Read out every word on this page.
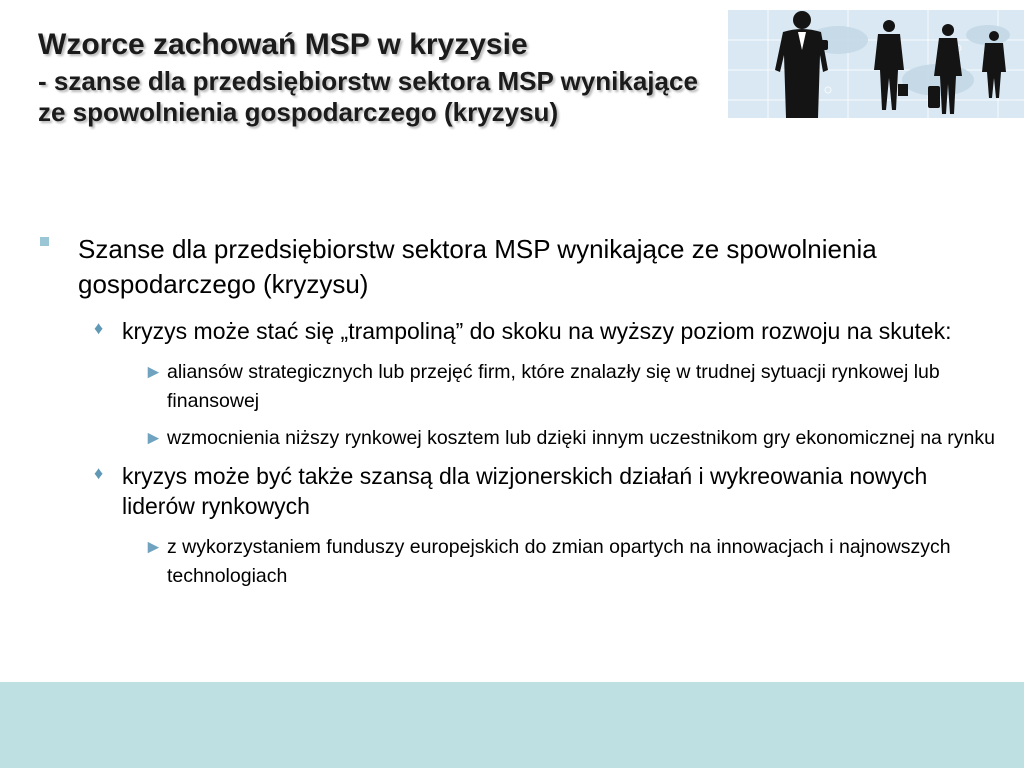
Wzorce zachowań MSP w kryzysie
- szanse dla przedsiębiorstw sektora MSP wynikające ze spowolnienia gospodarczego (kryzysu)
Szanse dla przedsiębiorstw sektora MSP wynikające ze spowolnienia gospodarczego (kryzysu)
♦ kryzys może stać się „trampoliną” do skoku na wyższy poziom rozwoju na skutek:
► aliansów strategicznych lub przejęć firm, które znalazły się w trudnej sytuacji rynkowej lub finansowej
► wzmocnienia niższy rynkowej kosztem lub dzięki innym uczestnikom gry ekonomicznej na rynku
♦ kryzys może być także szansą dla wizjonerskich działań i wykreowania nowych liderów rynkowych
► z wykorzystaniem funduszy europejskich do zmian opartych na innowacjach i najnowszych technologiach
